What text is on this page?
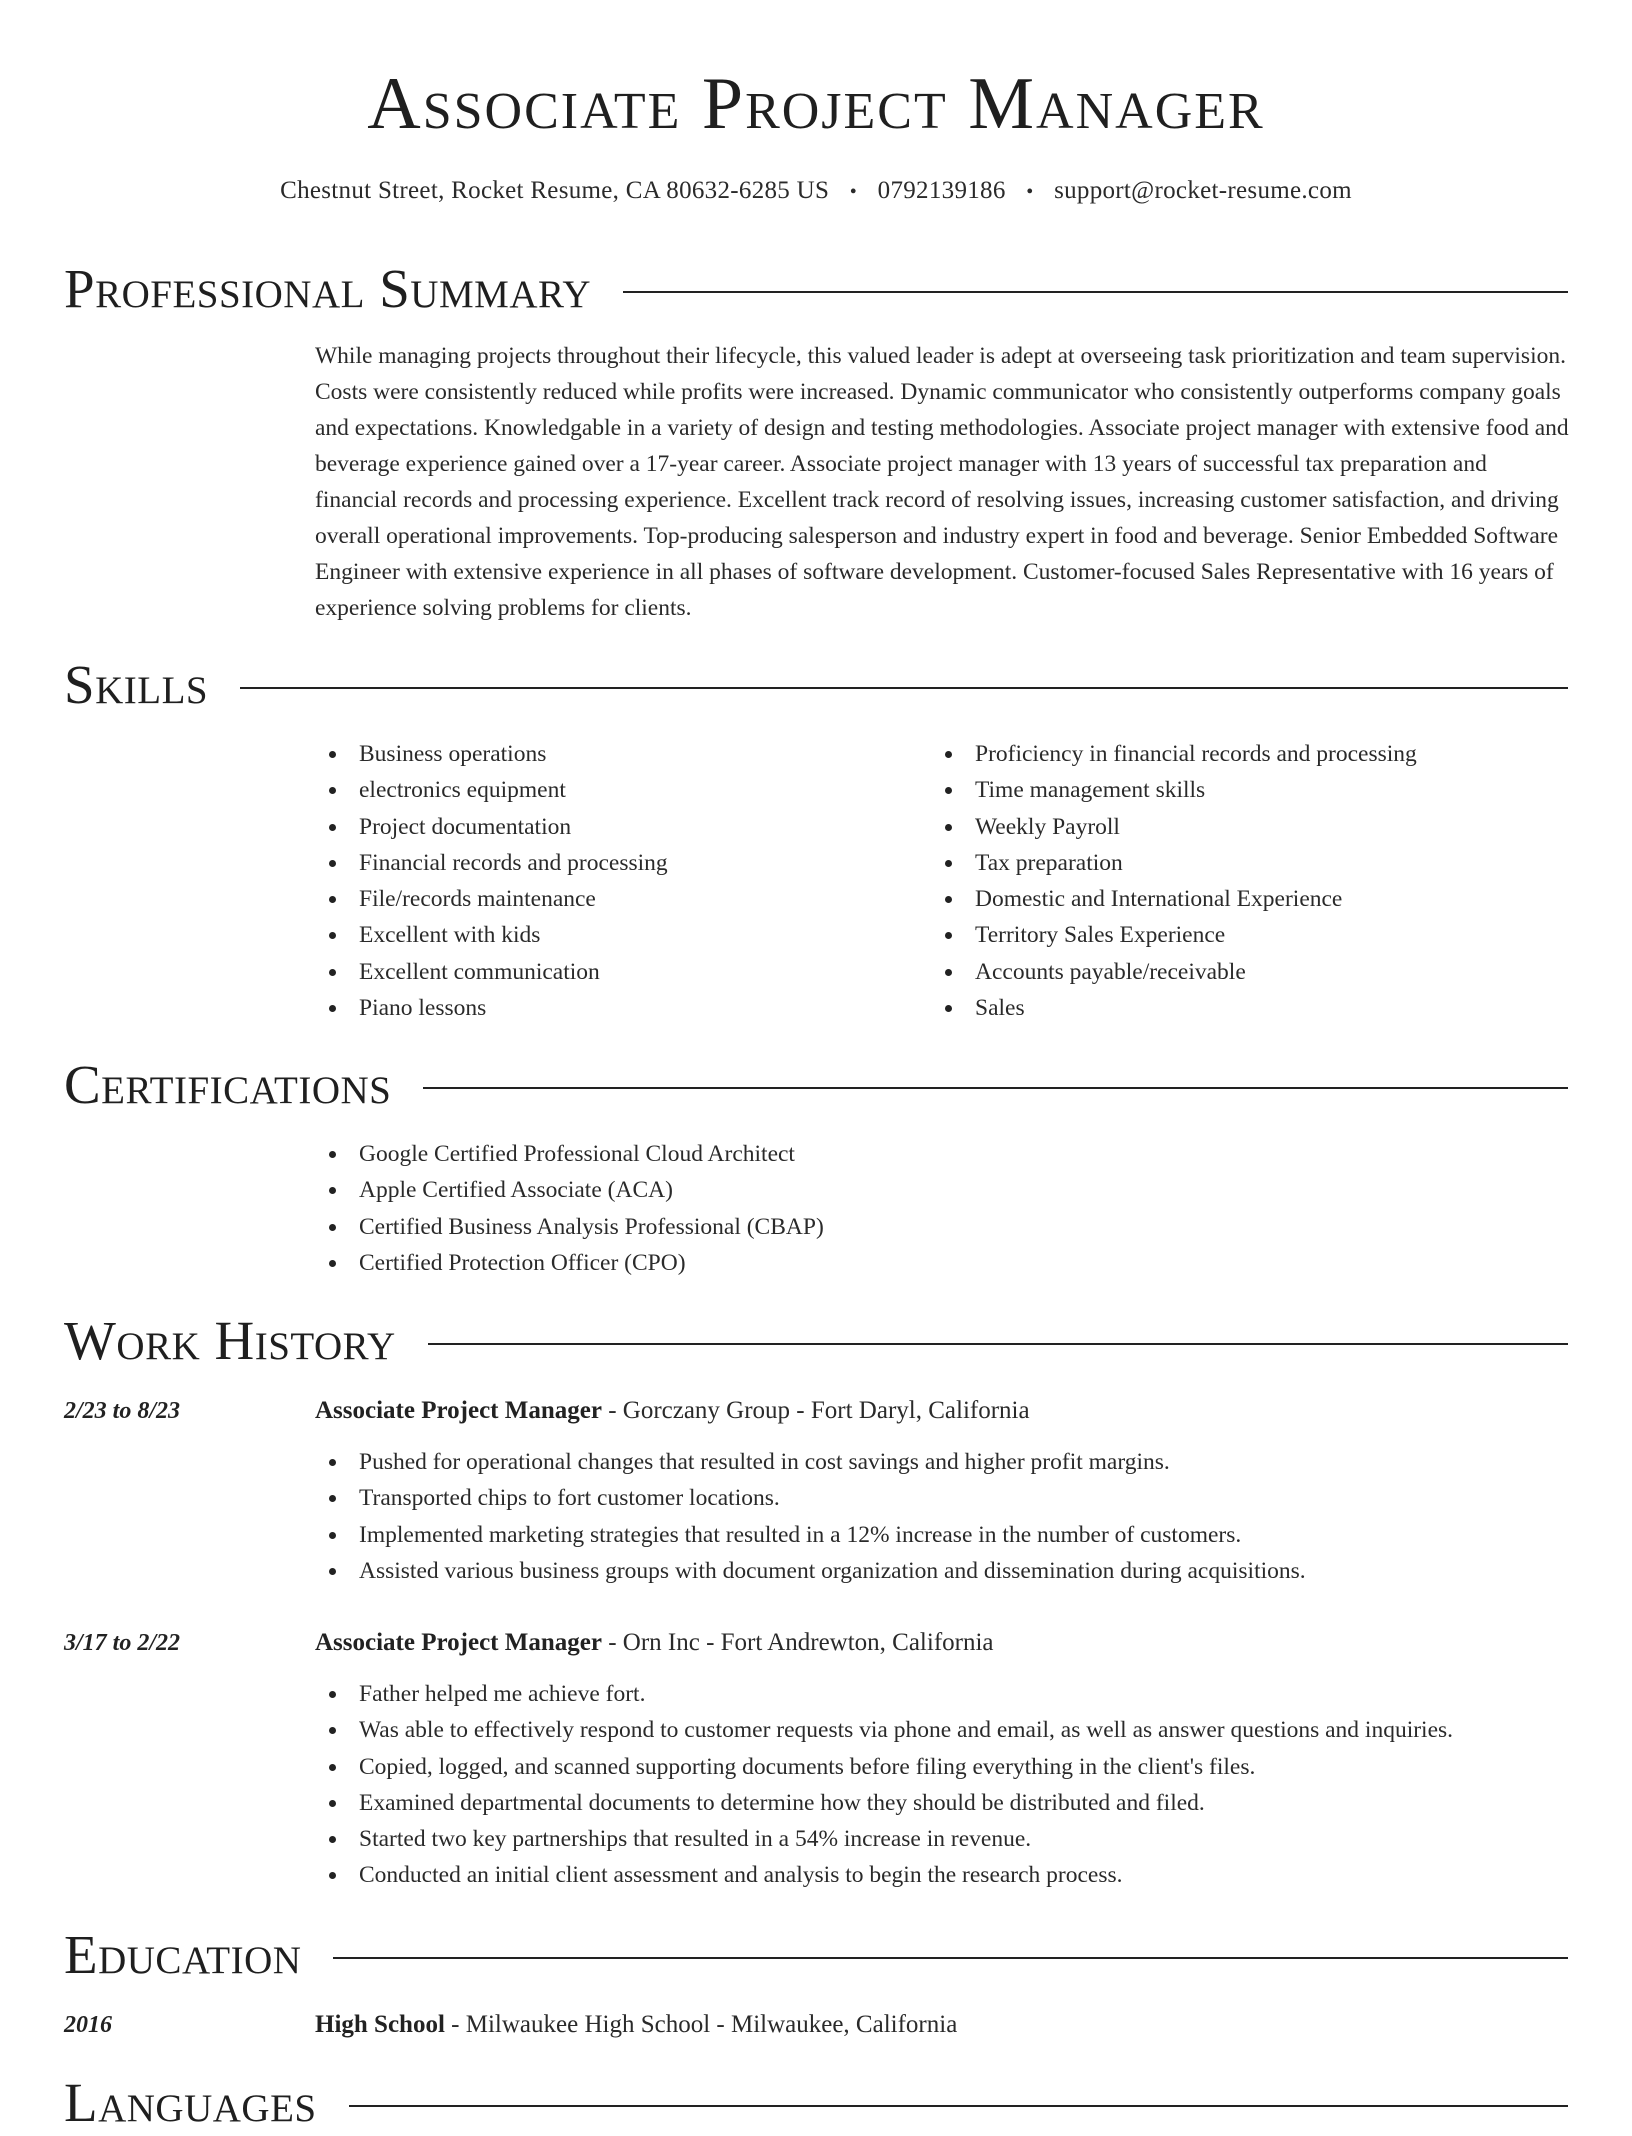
Associate Project Manager
Chestnut Street, Rocket Resume, CA 80632-6285 US • 0792139186 • support@rocket-resume.com
Professional Summary

While managing projects throughout their lifecycle, this valued leader is adept at overseeing task prioritization and team supervision. Costs were consistently reduced while profits were increased. Dynamic communicator who consistently outperforms company goals and expectations. Knowledgable in a variety of design and testing methodologies. Associate project manager with extensive food and beverage experience gained over a 17-year career. Associate project manager with 13 years of successful tax preparation and financial records and processing experience. Excellent track record of resolving issues, increasing customer satisfaction, and driving overall operational improvements. Top-producing salesperson and industry expert in food and beverage. Senior Embedded Software Engineer with extensive experience in all phases of software development. Customer-focused Sales Representative with 16 years of experience solving problems for clients.

Skills
Business operations
electronics equipment
Project documentation
Financial records and processing
File/records maintenance
Excellent with kids
Excellent communication
Piano lessons
Proficiency in financial records and processing
Time management skills
Weekly Payroll
Tax preparation
Domestic and International Experience
Territory Sales Experience
Accounts payable/receivable
Sales
Certifications
Google Certified Professional Cloud Architect
Apple Certified Associate (ACA)
Certified Business Analysis Professional (CBAP)
Certified Protection Officer (CPO)
Work History
2/23 to 8/23	Associate Project Manager - Gorczany Group - Fort Daryl, California
Pushed for operational changes that resulted in cost savings and higher profit margins.
Transported chips to fort customer locations.
Implemented marketing strategies that resulted in a 12% increase in the number of customers.
Assisted various business groups with document organization and dissemination during acquisitions.
3/17 to 2/22	Associate Project Manager - Orn Inc - Fort Andrewton, California
Father helped me achieve fort.
Was able to effectively respond to customer requests via phone and email, as well as answer questions and inquiries.
Copied, logged, and scanned supporting documents before filing everything in the client's files.
Examined departmental documents to determine how they should be distributed and filed.
Started two key partnerships that resulted in a 54% increase in revenue.
Conducted an initial client assessment and analysis to begin the research process.
Education
2016	High School - Milwaukee High School - Milwaukee, California
Languages
